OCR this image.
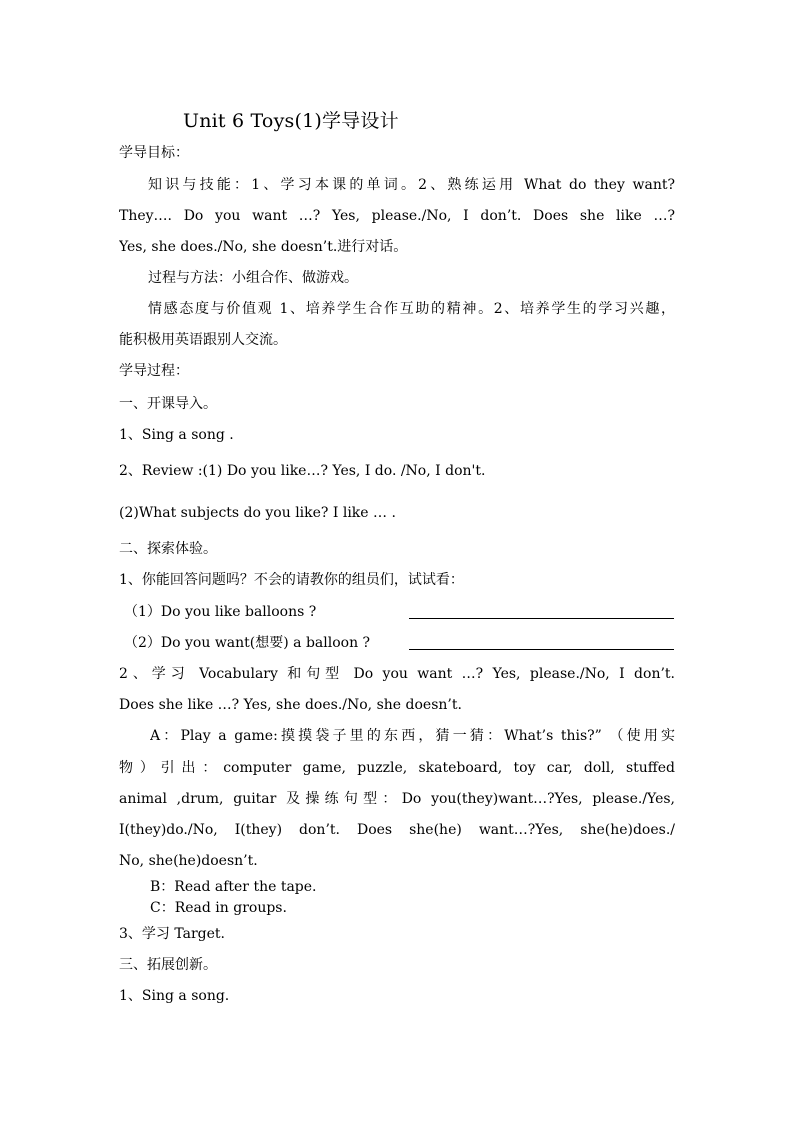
Unit 6 Toys(1)学导设计
学导目标：
知识与技能：1、学习本课的单词。2、熟练运用 What do they want?
They…. Do you want …? Yes, please./No, I don’t. Does she like …?
Yes, she does./No, she doesn’t.进行对话。
过程与方法：小组合作、做游戏。
情感态度与价值观 1、培养学生合作互助的精神。2、培养学生的学习兴趣，
能积极用英语跟别人交流。
学导过程：
一、开课导入。
1、Sing a song .
2、Review :(1) Do you like…? Yes, I do. /No, I don't.
(2)What subjects do you like? I like … .
二、探索体验。
1、你能回答问题吗？不会的请教你的组员们，试试看：
（1）Do you like balloons ?
（2）Do you want(想要) a balloon ?
2、学习 Vocabulary 和句型 Do you want …? Yes, please./No, I don’t.
Does she like …? Yes, she does./No, she doesn’t.
A：Play a game:摸摸袋子里的东西，猜一猜：What’s this?” （使用实
物）引出：computer game, puzzle, skateboard, toy car, doll, stuffed
animal ,drum, guitar 及操练句型：Do you(they)want…?Yes, please./Yes,
I(they)do./No, I(they) don’t. Does she(he) want…?Yes, she(he)does./
No, she(he)doesn’t.
B：Read after the tape.
C：Read in groups.
3、学习 Target.
三、拓展创新。
1、Sing a song.
